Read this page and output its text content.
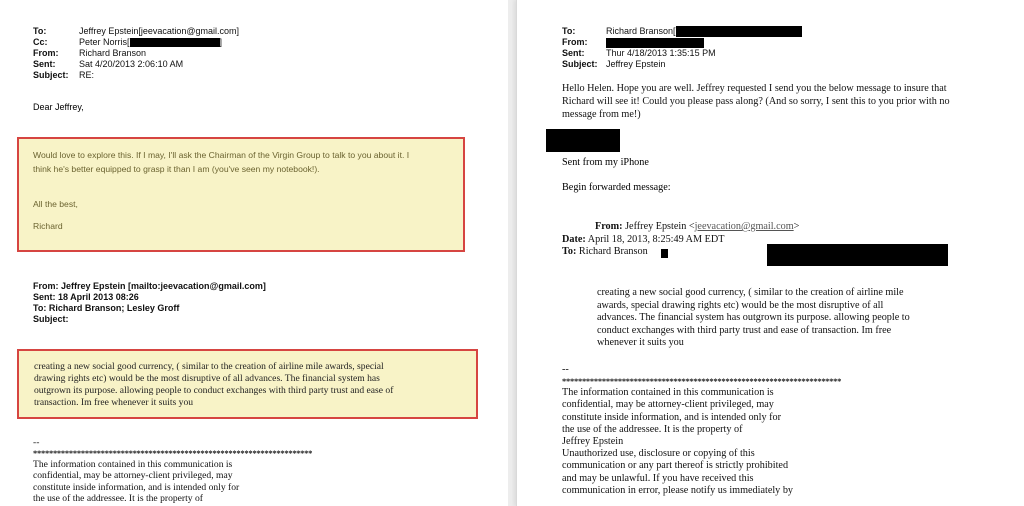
To:	Jeffrey Epstein[jeevacation@gmail.com]
Cc:	Peter Norris[	]
From: Richard Branson
Sent:	Sat 4/20/2013 2:06:10 AM
Subject: RE:
Dear Jeffrey,

Would love to explore this. If I may, I'll ask the Chairman of the Virgin Group to talk to you about it. I

think he's better equipped to grasp it than I am (you've seen my notebook!).

All the best,

Richard

From: Jeffrey Epstein [mailto:jeevacation@gmail.com]
Sent: 18 April 2013 08:26
To: Richard Branson; Lesley Groff
Subject:
creating a new social good currency, ( similar to the creation of airline mile awards, special
drawing rights etc) would be the most disruptive of all advances. The financial system has
outgrown its purpose. allowing people to conduct exchanges with third party trust and ease of
transaction. Im free whenever it suits you
--
**********************************************************************
The information contained in this communication is
confidential, may be attorney-client privileged, may
constitute inside information, and is intended only for
the use of the addressee. It is the property of
To:	Richard Branson[
From:
Sent: Thur 4/18/2013 1:35:15 PM
Subject: Jeffrey Epstein
Hello Helen. Hope you are well. Jeffrey requested I send you the below message to insure that
Richard will see it! Could you please pass along? (And so sorry, I sent this to you prior with no
message from me!)
Sent from my iPhone
Begin forwarded message:
From: Jeffrey Epstein <jeevacation@gmail.com>
Date: April 18, 2013, 8:25:49 AM EDT
To: Richard Branson
creating a new social good currency, ( similar to the creation of airline mile
awards, special drawing rights etc) would be the most disruptive of all
advances. The financial system has outgrown its purpose. allowing people to
conduct exchanges with third party trust and ease of transaction. Im free
whenever it suits you
--
**********************************************************************
The information contained in this communication is
confidential, may be attorney-client privileged, may
constitute inside information, and is intended only for
the use of the addressee. It is the property of
Jeffrey Epstein
Unauthorized use, disclosure or copying of this
communication or any part thereof is strictly prohibited
and may be unlawful. If you have received this
communication in error, please notify us immediately by
